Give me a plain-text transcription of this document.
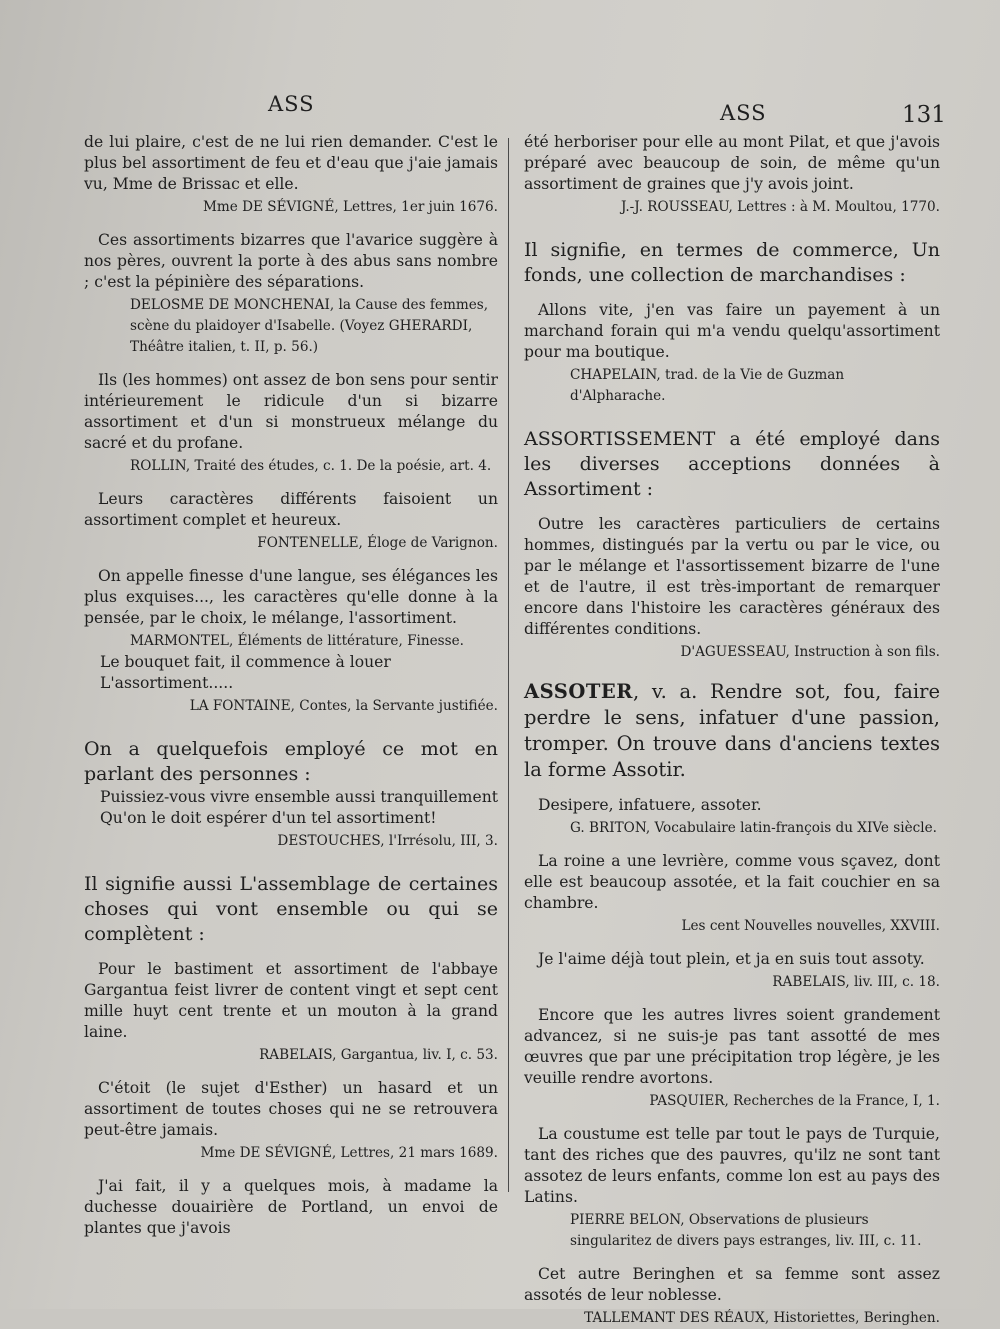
ASS	ASS	131

de lui plaire, c'est de ne lui rien demander. C'est le plus bel assortiment de feu et d'eau que j'aie jamais vu, Mme de Brissac et elle.

Mme DE SÉVIGNÉ, Lettres, 1er juin 1676.

Ces assortiments bizarres que l'avarice suggère à nos pères, ouvrent la porte à des abus sans nombre ; c'est la pépinière des séparations.

DELOSME DE MONCHENAI, la Cause des femmes, scène du plaidoyer d'Isabelle. (Voyez GHERARDI, Théâtre italien, t. II, p. 56.)

Ils (les hommes) ont assez de bon sens pour sentir intérieurement le ridicule d'un si bizarre assortiment et d'un si monstrueux mélange du sacré et du profane.

ROLLIN, Traité des études, c. 1. De la poésie, art. 4.

Leurs caractères différents faisoient un assortiment complet et heureux.

FONTENELLE, Éloge de Varignon.

On appelle finesse d'une langue, ses élégances les plus exquises..., les caractères qu'elle donne à la pensée, par le choix, le mélange, l'assortiment.

MARMONTEL, Éléments de littérature, Finesse.

Le bouquet fait, il commence à louer

L'assortiment.....

LA FONTAINE, Contes, la Servante justifiée.

On a quelquefois employé ce mot en parlant des personnes :

Puissiez-vous vivre ensemble aussi tranquillement

Qu'on le doit espérer d'un tel assortiment!

DESTOUCHES, l'Irrésolu, III, 3.

Il signifie aussi L'assemblage de certaines choses qui vont ensemble ou qui se complètent :

Pour le bastiment et assortiment de l'abbaye Gargantua feist livrer de content vingt et sept cent mille huyt cent trente et un mouton à la grand laine.

RABELAIS, Gargantua, liv. I, c. 53.

C'étoit (le sujet d'Esther) un hasard et un assortiment de toutes choses qui ne se retrouvera peut-être jamais.

Mme DE SÉVIGNÉ, Lettres, 21 mars 1689.

J'ai fait, il y a quelques mois, à madame la duchesse douairière de Portland, un envoi de plantes que j'avois

été herboriser pour elle au mont Pilat, et que j'avois préparé avec beaucoup de soin, de même qu'un assortiment de graines que j'y avois joint.

J.-J. ROUSSEAU, Lettres : à M. Moultou, 1770.

Il signifie, en termes de commerce, Un fonds, une collection de marchandises :

Allons vite, j'en vas faire un payement à un marchand forain qui m'a vendu quelqu'assortiment pour ma boutique.

CHAPELAIN, trad. de la Vie de Guzman d'Alpharache.

ASSORTISSEMENT a été employé dans les diverses acceptions données à Assortiment :

Outre les caractères particuliers de certains hommes, distingués par la vertu ou par le vice, ou par le mélange et l'assortissement bizarre de l'une et de l'autre, il est très-important de remarquer encore dans l'histoire les caractères généraux des différentes conditions.

D'AGUESSEAU, Instruction à son fils.

ASSOTER, v. a. Rendre sot, fou, faire perdre le sens, infatuer d'une passion, tromper. On trouve dans d'anciens textes la forme Assotir.

Desipere, infatuere, assoter.

G. BRITON, Vocabulaire latin-françois du XIVe siècle.

La roine a une levrière, comme vous sçavez, dont elle est beaucoup assotée, et la fait couchier en sa chambre.

Les cent Nouvelles nouvelles, XXVIII.

Je l'aime déjà tout plein, et ja en suis tout assoty.

RABELAIS, liv. III, c. 18.

Encore que les autres livres soient grandement advancez, si ne suis-je pas tant assotté de mes œuvres que par une précipitation trop légère, je les veuille rendre avortons.

PASQUIER, Recherches de la France, I, 1.

La coustume est telle par tout le pays de Turquie, tant des riches que des pauvres, qu'ilz ne sont tant assotez de leurs enfants, comme lon est au pays des Latins.

PIERRE BELON, Observations de plusieurs singularitez de divers pays estranges, liv. III, c. 11.

Cet autre Beringhen et sa femme sont assez assotés de leur noblesse.

TALLEMANT DES RÉAUX, Historiettes, Beringhen.
